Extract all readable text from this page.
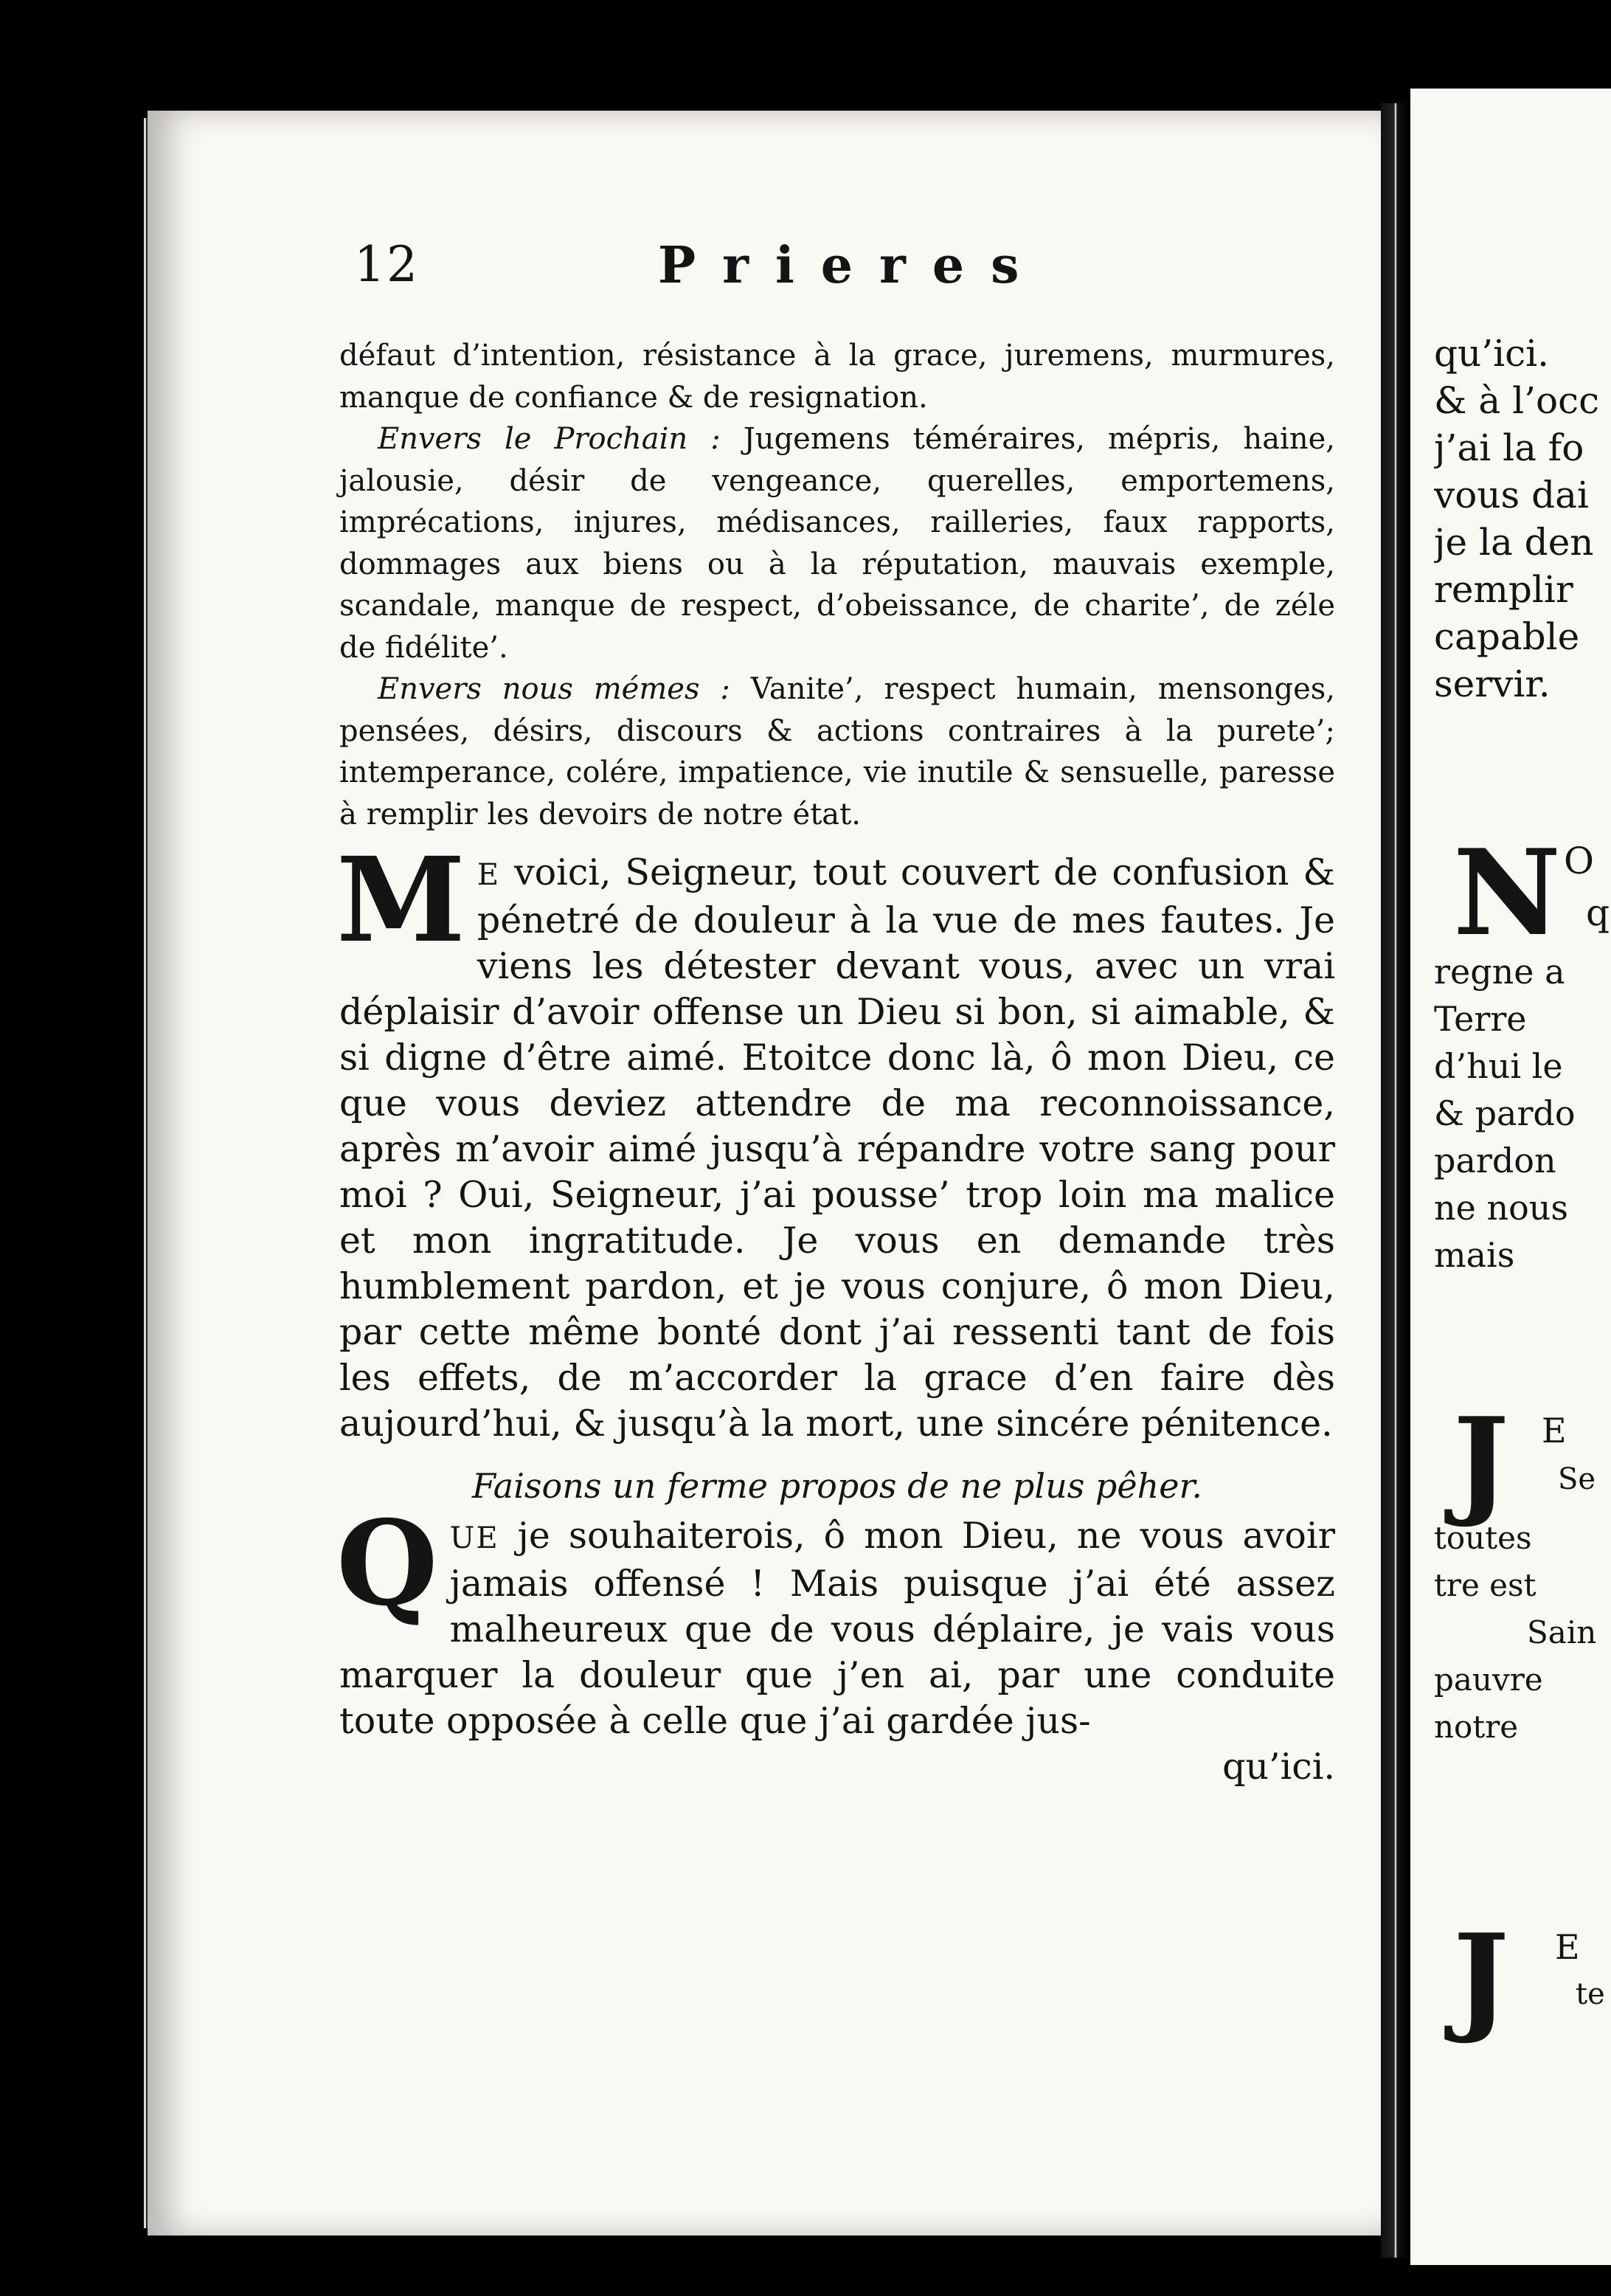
12	Prieres

défaut d’intention, résistance à la grace, juremens, murmures, manque de confiance & de resignation.

Envers le Prochain : Jugemens téméraires, mépris, haine, jalousie, désir de vengeance, querelles, emportemens, imprécations, injures, médisances, railleries, faux rapports, dommages aux biens ou à la réputation, mauvais exemple, scandale, manque de respect, d’obeissance, de charite’, de zéle de fidélite’.

Envers nous mémes : Vanite’, respect humain, mensonges, pensées, désirs, discours & actions contraires à la purete’; intemperance, colére, impatience, vie inutile & sensuelle, paresse à remplir les devoirs de notre état.

ME voici, Seigneur, tout couvert de confusion & pénetré de douleur à la vue de mes fautes. Je viens les détester devant vous, avec un vrai déplaisir d’avoir offense un Dieu si bon, si aimable, & si digne d’être aimé. Etoitce donc là, ô mon Dieu, ce que vous deviez attendre de ma reconnoissance, après m’avoir aimé jusqu’à répandre votre sang pour moi ? Oui, Seigneur, j’ai pousse’ trop loin ma malice et mon ingratitude. Je vous en demande très humblement pardon, et je vous conjure, ô mon Dieu, par cette même bonté dont j’ai ressenti tant de fois les effets, de m’accorder la grace d’en faire dès aujourd’hui, & jusqu’à la mort, une sincére pénitence.

Faisons un ferme propos de ne plus pêher.

QUE je souhaiterois, ô mon Dieu, ne vous avoir jamais offensé ! Mais puisque j’ai été assez malheureux que de vous déplaire, je vais vous marquer la douleur que j’en ai, par une conduite toute opposée à celle que j’ai gardée jus-

qu’ici.

qu’ici.
& à l’occ
j’ai la fo
vous dai
je la den
remplir
capable
servir.
N O
q
regne a
Terre
d’hui le
& pardo
pardon
ne nous
mais
J E
Se
toutes
tre est
Sain
pauvre
notre
J E
te
